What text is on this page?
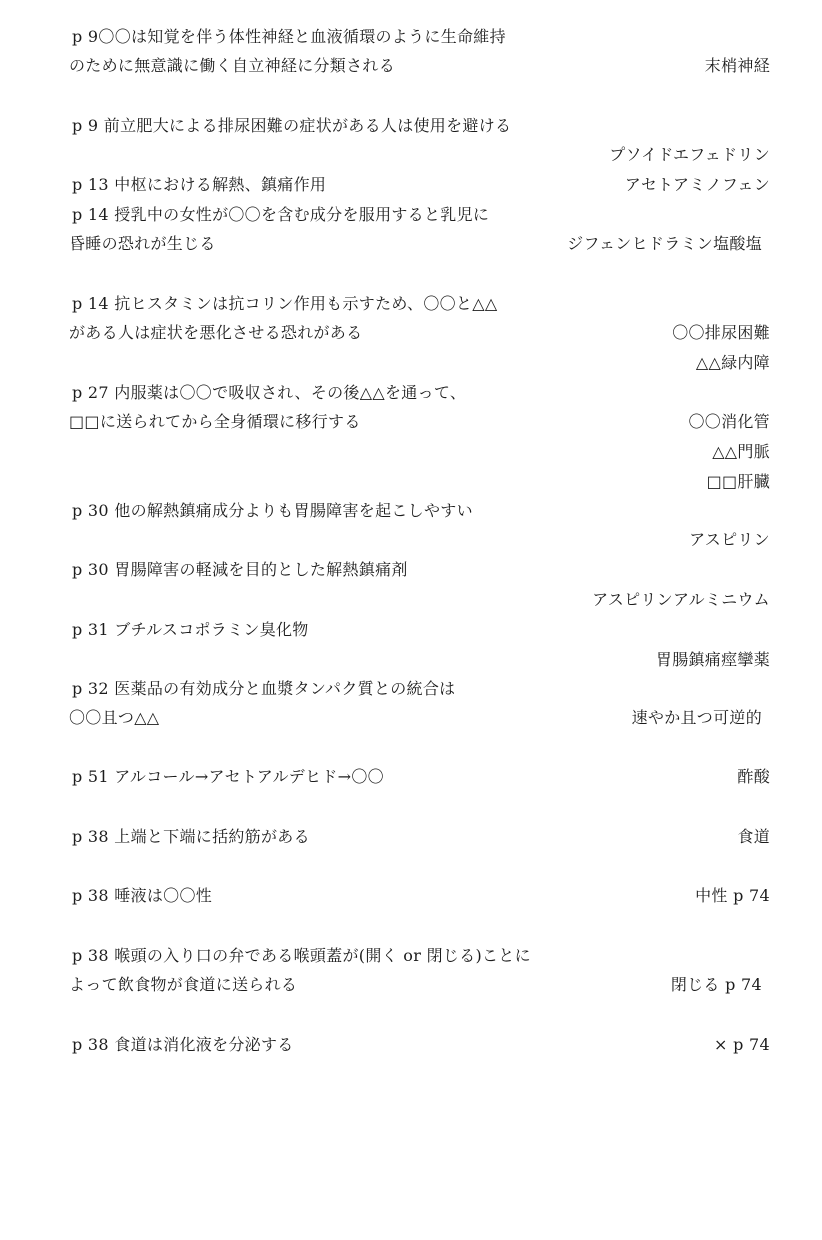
p 9〇〇は知覚を伴う体性神経と血液循環のように生命維持
のために無意識に働く自立神経に分類される	末梢神経
p 9 前立肥大による排尿困難の症状がある人は使用を避ける
プソイドエフェドリン
p 13 中枢における解熱、鎮痛作用	アセトアミノフェン
p 14 授乳中の女性が〇〇を含む成分を服用すると乳児に
昏睡の恐れが生じる	ジフェンヒドラミン塩酸塩
p 14 抗ヒスタミンは抗コリン作用も示すため、〇〇と△△
がある人は症状を悪化させる恐れがある	〇〇排尿困難
△△緑内障
p 27 内服薬は〇〇で吸収され、その後△△を通って、
□□に送られてから全身循環に移行する	〇〇消化管
△△門脈
□□肝臓
p 30 他の解熱鎮痛成分よりも胃腸障害を起こしやすい
アスピリン
p 30 胃腸障害の軽減を目的とした解熱鎮痛剤
アスピリンアルミニウム
p 31 ブチルスコポラミン臭化物
胃腸鎮痛痙攣薬
p 32 医薬品の有効成分と血漿タンパク質との統合は
〇〇且つ△△	速やか且つ可逆的
p 51 アルコール→アセトアルデヒド→〇〇	酢酸
p 38 上端と下端に括約筋がある	食道
p 38 唾液は〇〇性	中性 p 74
p 38 喉頭の入り口の弁である喉頭蓋が(開く or 閉じる)ことに
よって飲食物が食道に送られる	閉じる p 74
p 38 食道は消化液を分泌する	× p 74
